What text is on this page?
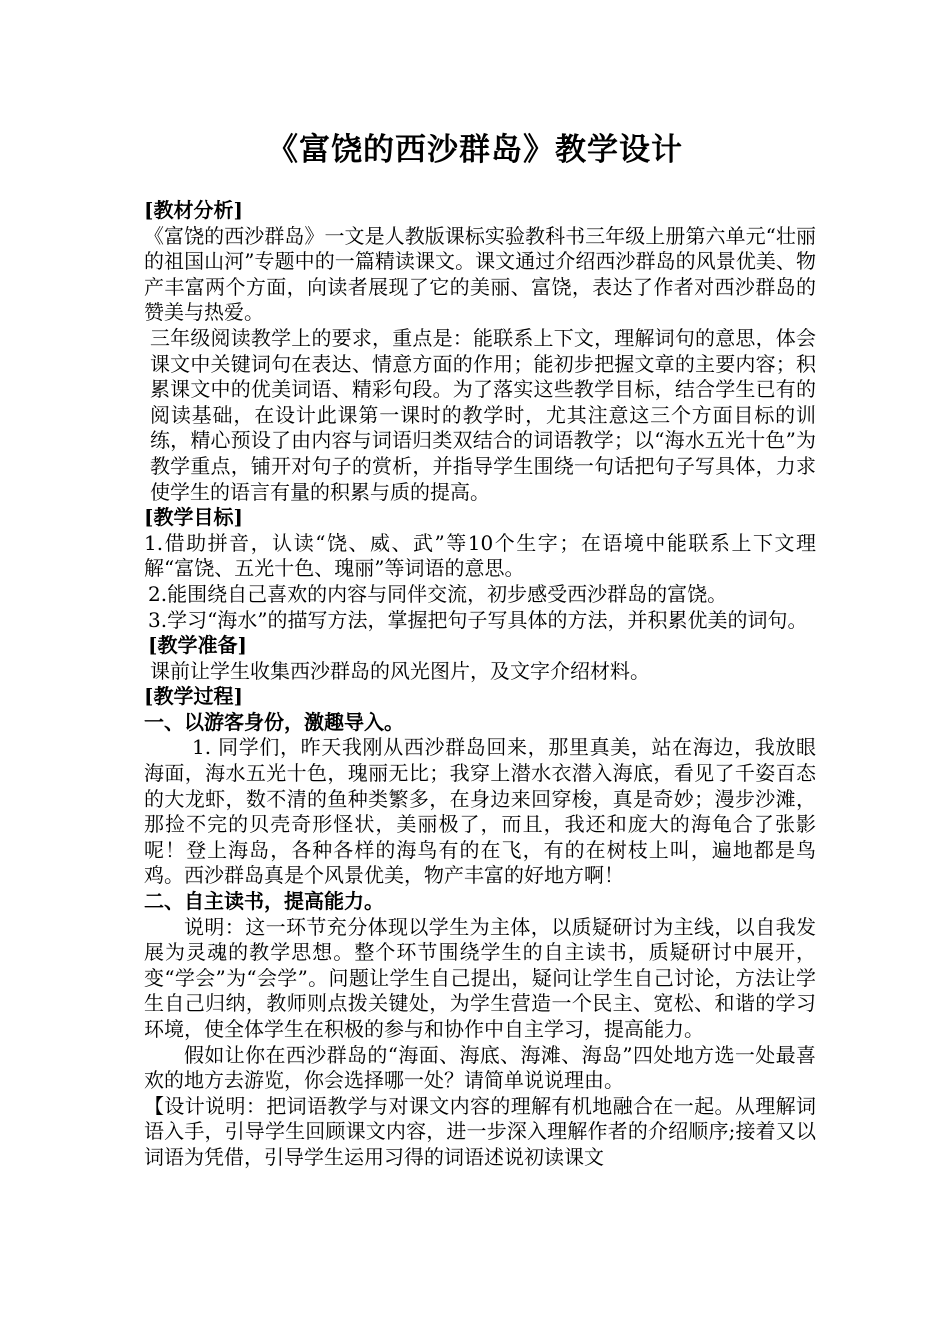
《富饶的西沙群岛》教学设计

[教材分析]

《富饶的西沙群岛》一文是人教版课标实验教科书三年级上册第六单元“壮丽的祖国山河”专题中的一篇精读课文。课文通过介绍西沙群岛的风景优美、物产丰富两个方面，向读者展现了它的美丽、富饶，表达了作者对西沙群岛的赞美与热爱。

三年级阅读教学上的要求，重点是：能联系上下文，理解词句的意思，体会课文中关键词句在表达、情意方面的作用；能初步把握文章的主要内容；积累课文中的优美词语、精彩句段。为了落实这些教学目标，结合学生已有的阅读基础，在设计此课第一课时的教学时，尤其注意这三个方面目标的训练，精心预设了由内容与词语归类双结合的词语教学；以“海水五光十色”为教学重点，铺开对句子的赏析，并指导学生围绕一句话把句子写具体，力求使学生的语言有量的积累与质的提高。

[教学目标]

1.借助拼音，认读“饶、威、武”等10个生字；在语境中能联系上下文理解“富饶、五光十色、瑰丽”等词语的意思。

2.能围绕自己喜欢的内容与同伴交流，初步感受西沙群岛的富饶。

3.学习“海水”的描写方法，掌握把句子写具体的方法，并积累优美的词句。

[教学准备]

课前让学生收集西沙群岛的风光图片，及文字介绍材料。

[教学过程]

一、以游客身份，激趣导入。

1. 同学们，昨天我刚从西沙群岛回来，那里真美，站在海边，我放眼海面，海水五光十色，瑰丽无比；我穿上潜水衣潜入海底，看见了千姿百态的大龙虾，数不清的鱼种类繁多，在身边来回穿梭，真是奇妙；漫步沙滩，那捡不完的贝壳奇形怪状，美丽极了，而且，我还和庞大的海龟合了张影呢！登上海岛，各种各样的海鸟有的在飞，有的在树枝上叫，遍地都是鸟鸡。西沙群岛真是个风景优美，物产丰富的好地方啊！

二、自主读书，提高能力。

说明：这一环节充分体现以学生为主体，以质疑研讨为主线，以自我发展为灵魂的教学思想。整个环节围绕学生的自主读书，质疑研讨中展开，变“学会”为“会学”。问题让学生自己提出，疑问让学生自己讨论，方法让学生自己归纳，教师则点拨关键处，为学生营造一个民主、宽松、和谐的学习环境，使全体学生在积极的参与和协作中自主学习，提高能力。

假如让你在西沙群岛的“海面、海底、海滩、海岛”四处地方选一处最喜欢的地方去游览，你会选择哪一处？请简单说说理由。

【设计说明：把词语教学与对课文内容的理解有机地融合在一起。从理解词语入手，引导学生回顾课文内容，进一步深入理解作者的介绍顺序;接着又以词语为凭借，引导学生运用习得的词语述说初读课文
